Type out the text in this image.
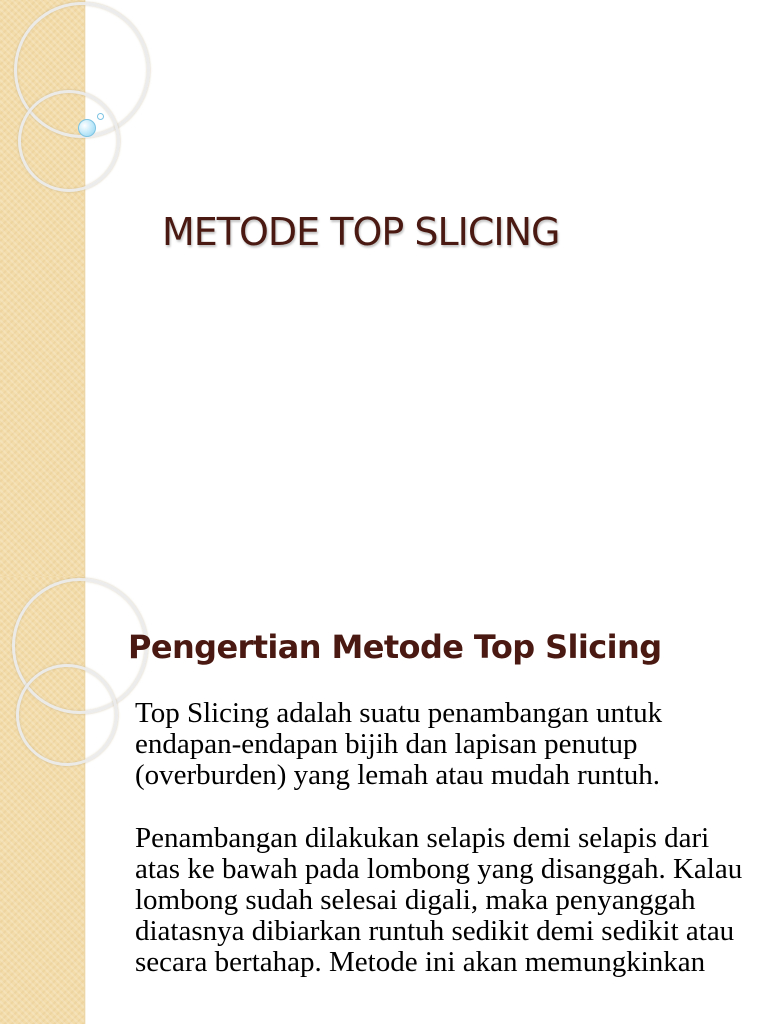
METODE TOP SLICING
Pengertian Metode Top Slicing

Top Slicing adalah suatu penambangan untuk endapan-endapan bijih dan lapisan penutup (overburden) yang lemah atau mudah runtuh.

Penambangan dilakukan selapis demi selapis dari atas ke bawah pada lombong yang disanggah. Kalau lombong sudah selesai digali, maka penyanggah diatasnya dibiarkan runtuh sedikit demi sedikit atau secara bertahap. Metode ini akan memungkinkan
